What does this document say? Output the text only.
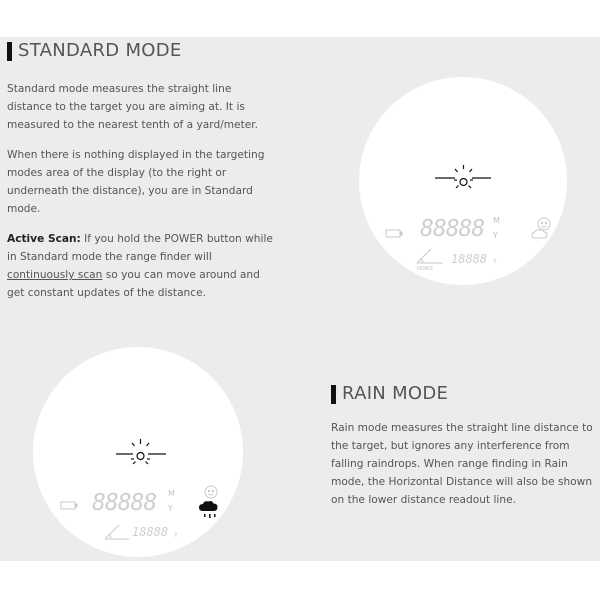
STANDARD MODE

Standard mode measures the straight line distance to the target you are aiming at. It is measured to the nearest tenth of a yard/meter.

When there is nothing displayed in the targeting modes area of the display (to the right or underneath the distance), you are in Standard mode.

Active Scan: If you hold the POWER button while in Standard mode the range finder will continuously scan so you can move around and get constant updates of the distance.

88888 M
Y
HORIZ
18888 Y
88888 M
Y
18888 Y
RAIN MODE

Rain mode measures the straight line distance to the target, but ignores any interference from falling raindrops. When range finding in Rain mode, the Horizontal Distance will also be shown on the lower distance readout line.
